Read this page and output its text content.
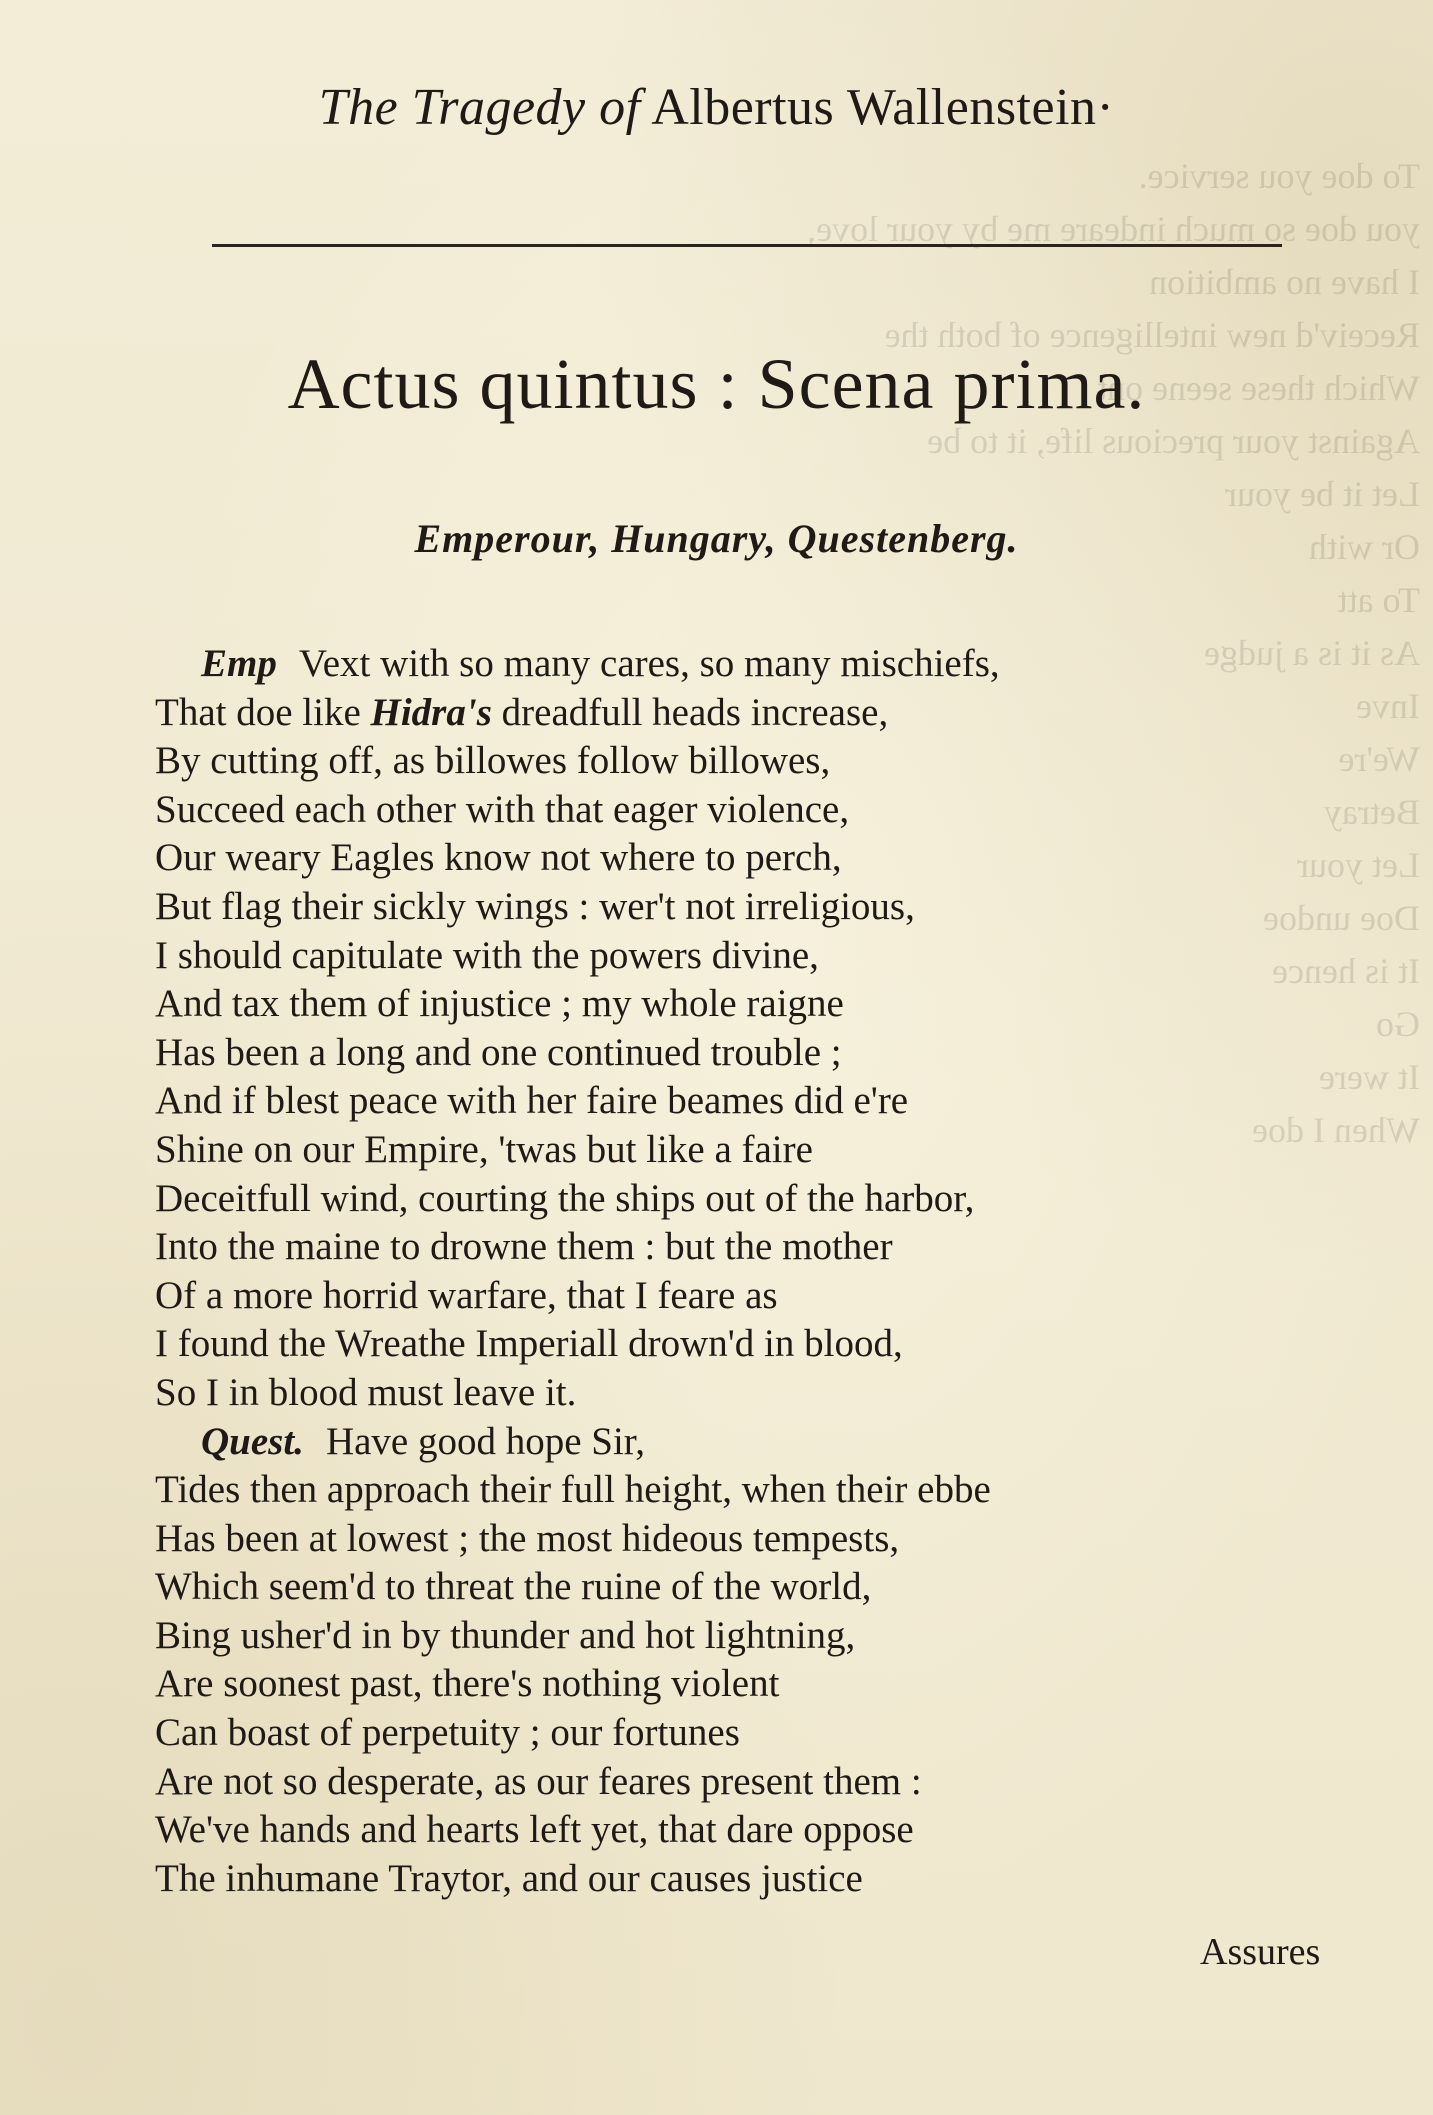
To doe you service.
you doe so much indeare me by your love,
I have no ambition
Receiv'd new intelligence of both the
Which these seene ont
Against your precious life, it to be
Let it be your
Or with
To att
As it is a judge
Inve
We're
Betray
Let your
Doe undoe
It is hence
Go
It were
When I doe
The Tragedy of Albertus Wallenstein·
Actus quintus : Scena prima.
Emperour, Hungary, Questenberg.
Emp Vext with so many cares, so many mischiefs,
That doe like Hidra's dreadfull heads increase,
By cutting off, as billowes follow billowes,
Succeed each other with that eager violence,
Our weary Eagles know not where to perch,
But flag their sickly wings : wer't not irreligious,
I should capitulate with the powers divine,
And tax them of injustice ; my whole raigne
Has been a long and one continued trouble ;
And if blest peace with her faire beames did e're
Shine on our Empire, 'twas but like a faire
Deceitfull wind, courting the ships out of the harbor,
Into the maine to drowne them : but the mother
Of a more horrid warfare, that I feare as
I found the Wreathe Imperiall drown'd in blood,
So I in blood must leave it.
Quest. Have good hope Sir,
Tides then approach their full height, when their ebbe
Has been at lowest ; the most hideous tempests,
Which seem'd to threat the ruine of the world,
Bing usher'd in by thunder and hot lightning,
Are soonest past, there's nothing violent
Can boast of perpetuity ; our fortunes
Are not so desperate, as our feares present them :
We've hands and hearts left yet, that dare oppose
The inhumane Traytor, and our causes justice
Assures
